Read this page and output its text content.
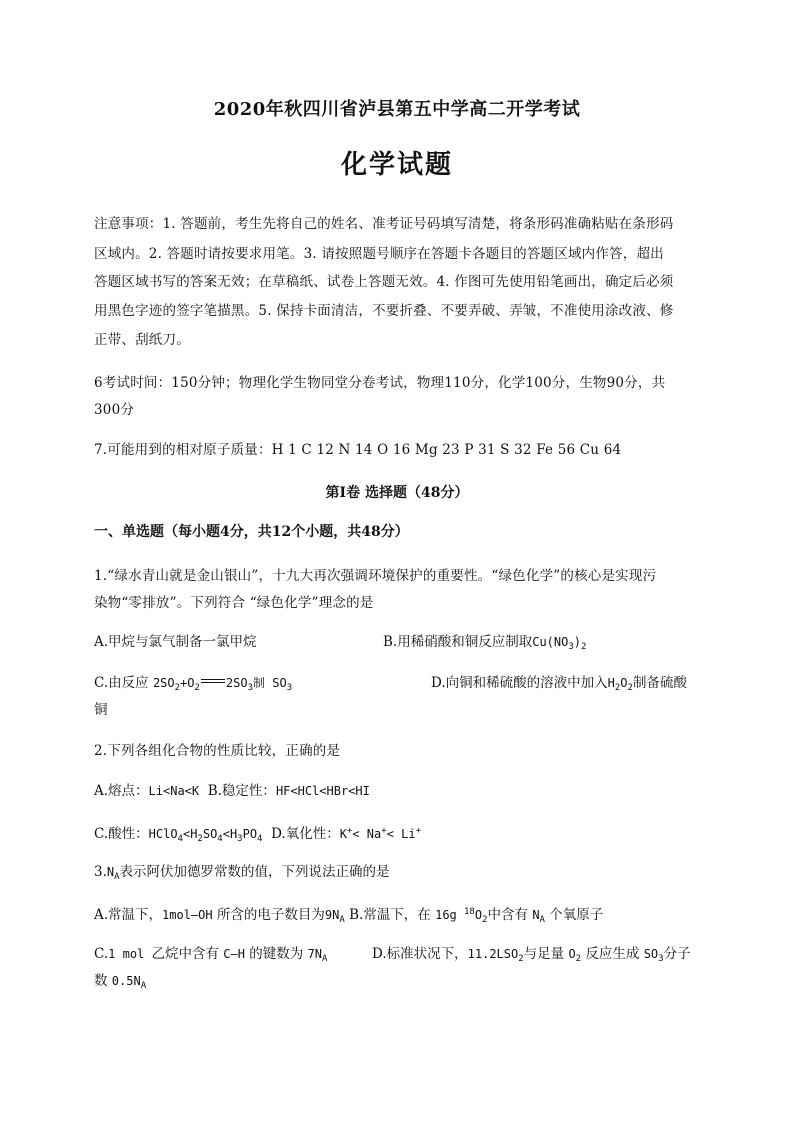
2020年秋四川省泸县第五中学高二开学考试
化学试题
注意事项：1. 答题前，考生先将自己的姓名、准考证号码填写清楚，将条形码准确粘贴在条形码
区域内。2. 答题时请按要求用笔。3. 请按照题号顺序在答题卡各题目的答题区域内作答，超出
答题区域书写的答案无效；在草稿纸、试卷上答题无效。4. 作图可先使用铅笔画出，确定后必须
用黑色字迹的签字笔描黑。5. 保持卡面清洁，不要折叠、不要弄破、弄皱，不准使用涂改液、修
正带、刮纸刀。
6考试时间：150分钟；物理化学生物同堂分卷考试，物理110分，化学100分，生物90分，共
300分
7.可能用到的相对原子质量：H 1 C 12 N 14 O 16 Mg 23 P 31 S 32 Fe 56 Cu 64
第Ⅰ卷 选择题（48分）
一、单选题（每小题4分，共12个小题，共48分）
1.“绿水青山就是金山银山”，十九大再次强调环境保护的重要性。“绿色化学”的核心是实现污
染物“零排放”。下列符合 “绿色化学”理念的是
A.甲烷与氯气制备一氯甲烷	B.用稀硝酸和铜反应制取$Cu(NO_3)_2$
C.由反应 $2SO_2+O_2$ $2SO_3$制 $SO_3$	D.向铜和稀硫酸的溶液中加入$H_2O_2$制备硫酸
铜
2.下列各组化合物的性质比较，正确的是
A.熔点：Li<Na<K B.稳定性：HF<HCl<HBr<HI
C.酸性：$HClO_4<H_2SO_4<H_3PO_4$ D.氧化性：K+< Na+< Li+
$3.N_A$表示阿伏加德罗常数的值，下列说法正确的是
A.常温下，1mol—OH 所含的电子数目为$9N_A$ B.常温下，在 16g $^{18}O_2$中含有 $N_A$ 个氧原子
C.1 mol 乙烷中含有 C—H 的键数为 $7N_A$	D.标准状况下，$11.2LSO_2$与足量 $O_2$ 反应生成 $SO_3$分子
数 $0.5N_A$
